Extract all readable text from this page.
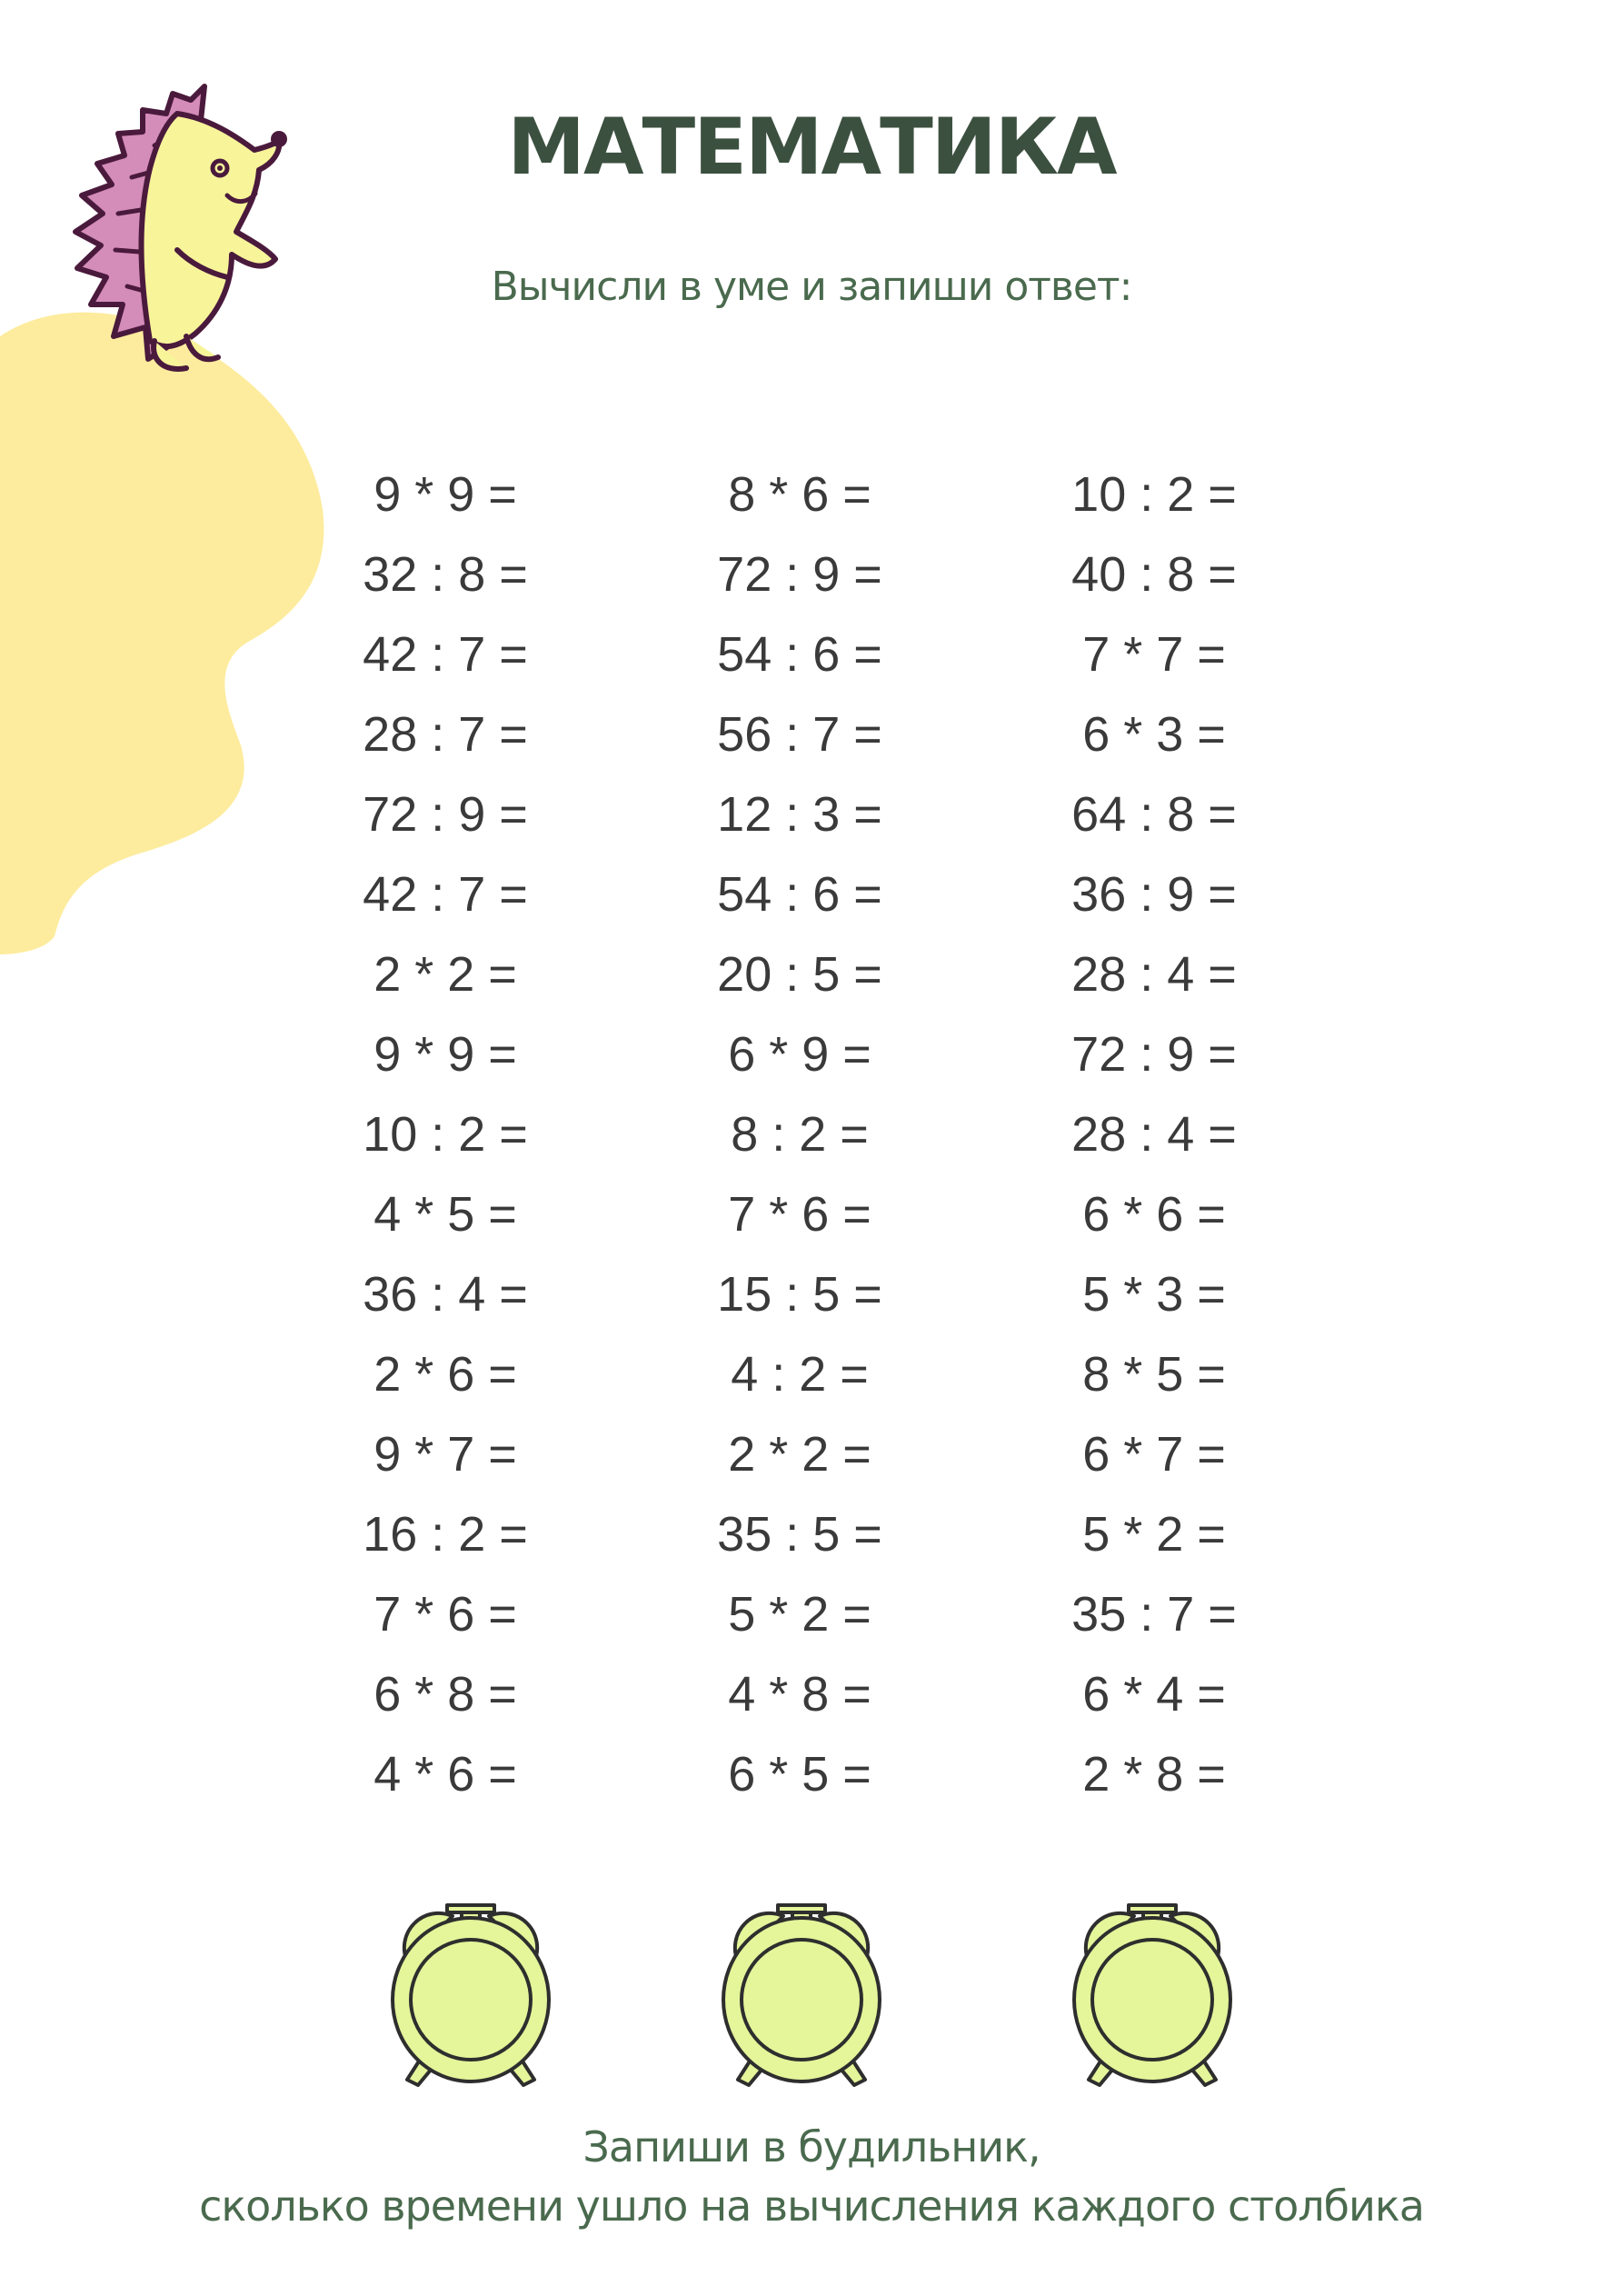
МАТЕМАТИКА
Вычисли в уме и запиши ответ:
9 * 9 =
32 : 8 =
42 : 7 =
28 : 7 =
72 : 9 =
42 : 7 =
2 * 2 =
9 * 9 =
10 : 2 =
4 * 5 =
36 : 4 =
2 * 6 =
9 * 7 =
16 : 2 =
7 * 6 =
6 * 8 =
4 * 6 =
8 * 6 =
72 : 9 =
54 : 6 =
56 : 7 =
12 : 3 =
54 : 6 =
20 : 5 =
6 * 9 =
8 : 2 =
7 * 6 =
15 : 5 =
4 : 2 =
2 * 2 =
35 : 5 =
5 * 2 =
4 * 8 =
6 * 5 =
10 : 2 =
40 : 8 =
7 * 7 =
6 * 3 =
64 : 8 =
36 : 9 =
28 : 4 =
72 : 9 =
28 : 4 =
6 * 6 =
5 * 3 =
8 * 5 =
6 * 7 =
5 * 2 =
35 : 7 =
6 * 4 =
2 * 8 =
Запиши в будильник,
сколько времени ушло на вычисления каждого столбика
